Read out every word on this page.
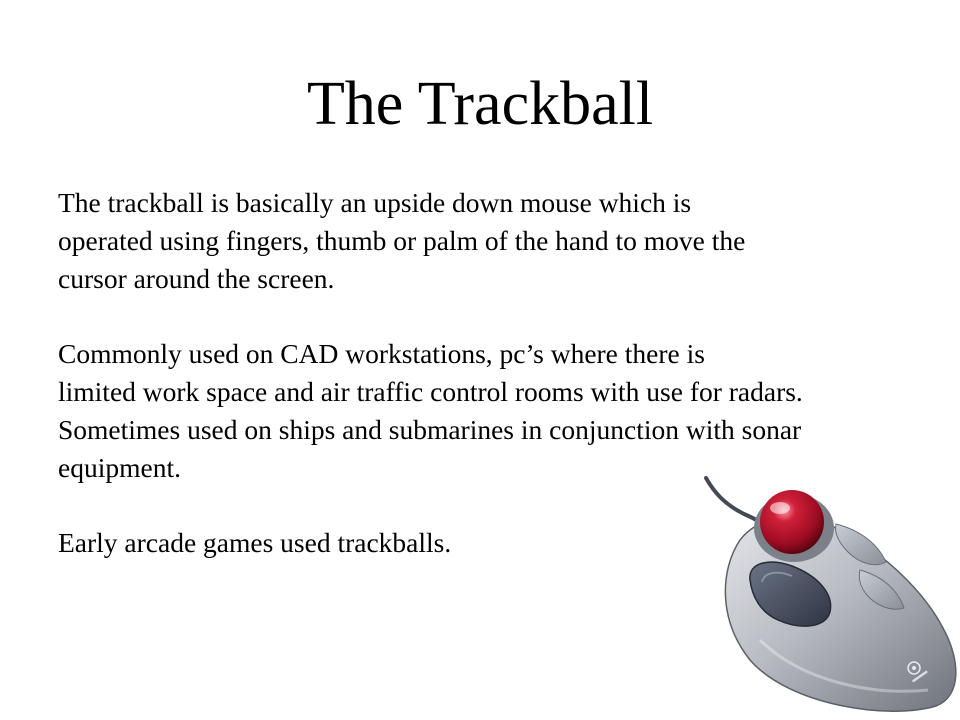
The Trackball

The trackball is basically an upside down mouse which is
operated using fingers, thumb or palm of the hand to move the
cursor around the screen.

Commonly used on CAD workstations, pc’s where there is
limited work space and air traffic control rooms with use for radars.
Sometimes used on ships and submarines in conjunction with sonar
equipment.

Early arcade games used trackballs.
